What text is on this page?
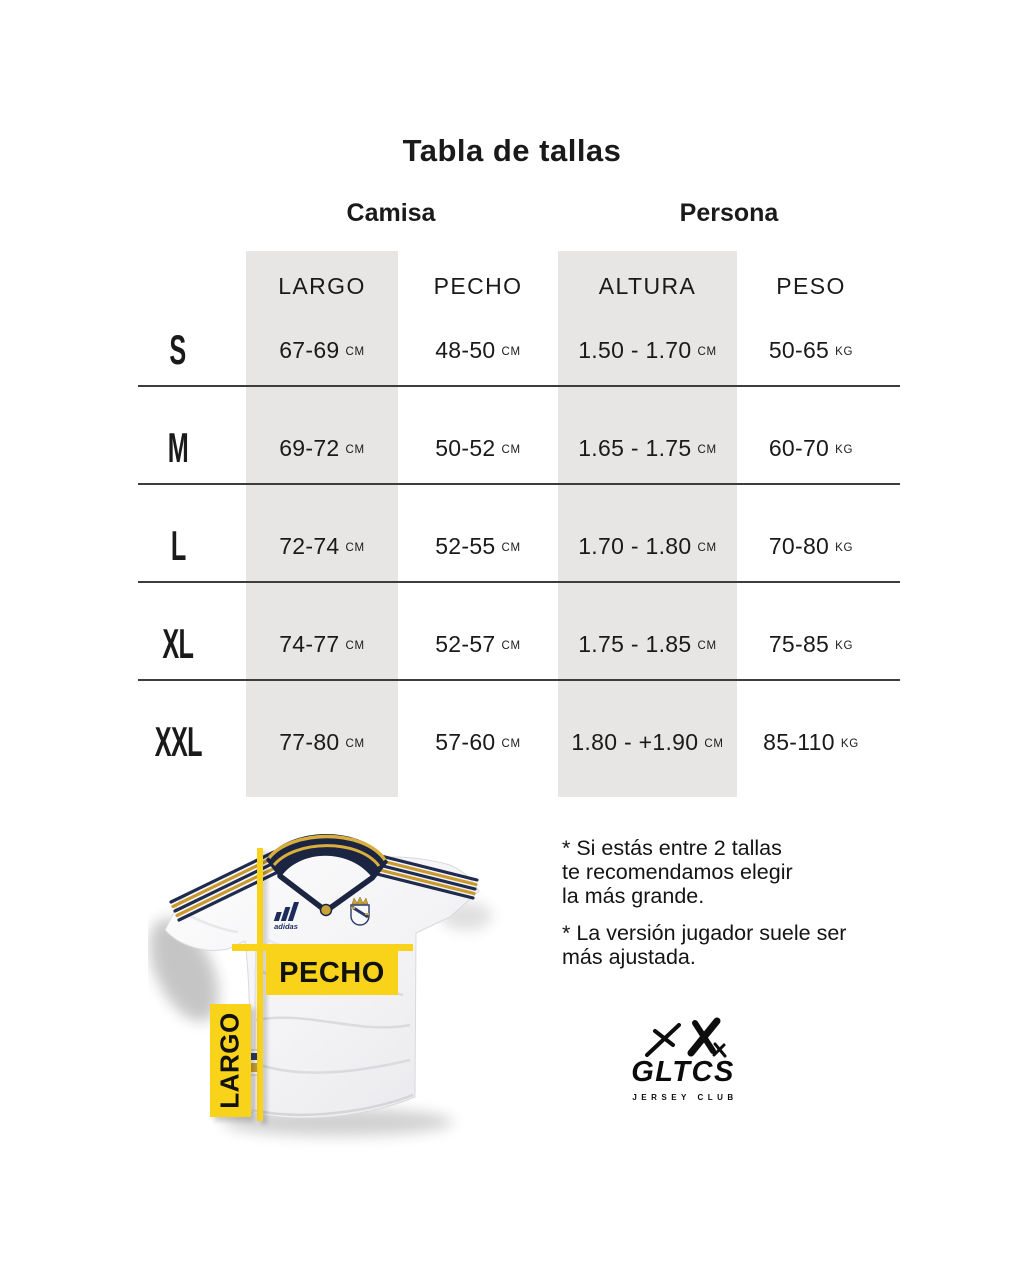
Tabla de tallas
Camisa	Persona
LARGO	PECHO	ALTURA	PESO
S	67-69 CM	48-50 CM 1.50 - 1.70 CM 50-65 KG
M	69-72 CM	50-52 CM 1.65 - 1.75 CM 60-70 KG
L	72-74 CM	52-55 CM 1.70 - 1.80 CM 70-80 KG
XL	74-77 CM	52-57 CM 1.75 - 1.85 CM 75-85 KG
XXL	77-80 CM	57-60 CM 1.80 - +1.90 CM 85-110 KG
adidas
PECHO
LARGO
* Si estás entre 2 tallas
te recomendamos elegir
la más grande.
* La versión jugador suele ser
más ajustada.
GLTCS
JERSEY CLUB
